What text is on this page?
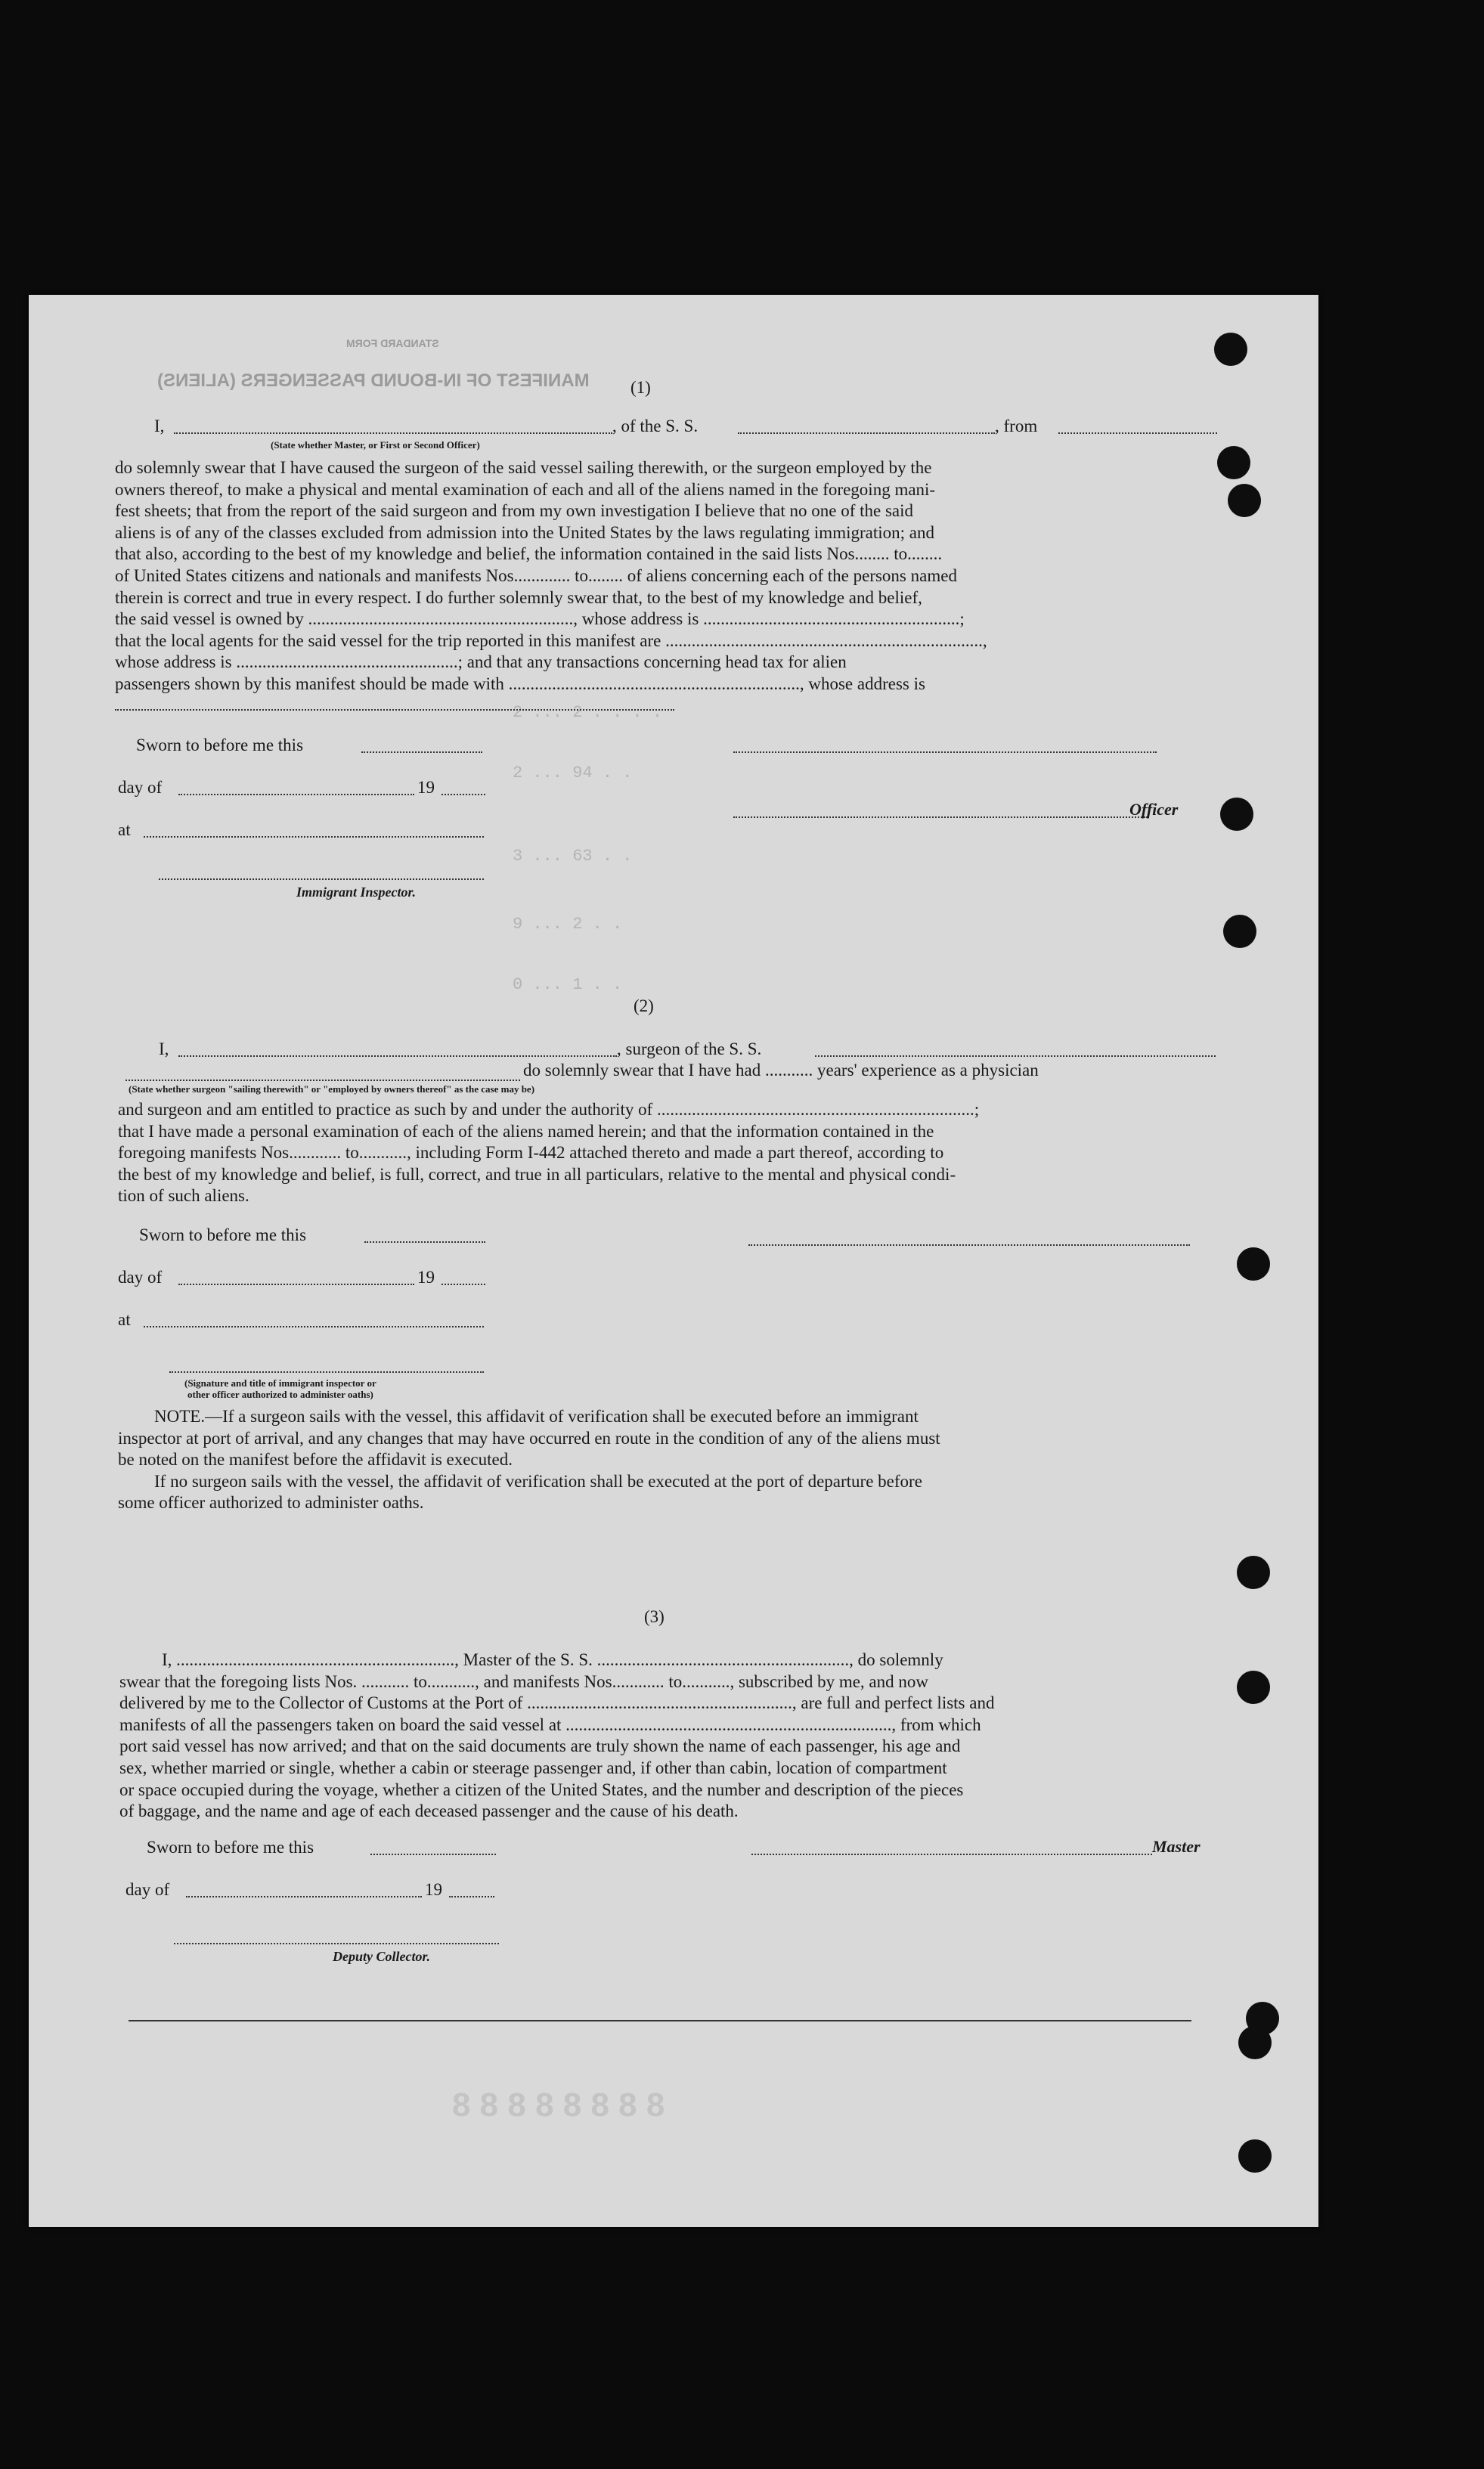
MANIFEST OF IN-BOUND PASSENGERS (ALIENS)
STANDARD FORM
2 ... 2 . . . .
2 ... 94 . .
3 ... 63 . .
9 ... 2 . .
0 ... 1 . .
(1)
I,	, of the S. S.	, from
(State whether Master, or First or Second Officer)
do solemnly swear that I have caused the surgeon of the said vessel sailing therewith, or the surgeon employed by the
owners thereof, to make a physical and mental examination of each and all of the aliens named in the foregoing mani-
fest sheets; that from the report of the said surgeon and from my own investigation I believe that no one of the said
aliens is of any of the classes excluded from admission into the United States by the laws regulating immigration; and
that also, according to the best of my knowledge and belief, the information contained in the said lists Nos........ to........
of United States citizens and nationals and manifests Nos............. to........ of aliens concerning each of the persons named
therein is correct and true in every respect. I do further solemnly swear that, to the best of my knowledge and belief,
the said vessel is owned by ............................................................., whose address is ...........................................................;
that the local agents for the said vessel for the trip reported in this manifest are .........................................................................,
whose address is ...................................................; and that any transactions concerning head tax for alien
passengers shown by this manifest should be made with ..................................................................., whose address is
Sworn to before me this
day of	19
Officer
at
Immigrant Inspector.
(2)
I,	, surgeon of the S. S.
do solemnly swear that I have had ........... years' experience as a physician
(State whether surgeon "sailing therewith" or "employed by owners thereof" as the case may be)
and surgeon and am entitled to practice as such by and under the authority of .........................................................................;
that I have made a personal examination of each of the aliens named herein; and that the information contained in the
foregoing manifests Nos............ to..........., including Form I-442 attached thereto and made a part thereof, according to
the best of my knowledge and belief, is full, correct, and true in all particulars, relative to the mental and physical condi-
tion of such aliens.
Sworn to before me this
day of	19
at
(Signature and title of immigrant inspector or
other officer authorized to administer oaths)
NOTE.—If a surgeon sails with the vessel, this affidavit of verification shall be executed before an immigrant
inspector at port of arrival, and any changes that may have occurred en route in the condition of any of the aliens must
be noted on the manifest before the affidavit is executed.
If no surgeon sails with the vessel, the affidavit of verification shall be executed at the port of departure before
some officer authorized to administer oaths.
(3)
I, ................................................................, Master of the S. S. .........................................................., do solemnly
swear that the foregoing lists Nos. ........... to..........., and manifests Nos............ to..........., subscribed by me, and now
delivered by me to the Collector of Customs at the Port of ............................................................., are full and perfect lists and
manifests of all the passengers taken on board the said vessel at ..........................................................................., from which
port said vessel has now arrived; and that on the said documents are truly shown the name of each passenger, his age and
sex, whether married or single, whether a cabin or steerage passenger and, if other than cabin, location of compartment
or space occupied during the voyage, whether a citizen of the United States, and the number and description of the pieces
of baggage, and the name and age of each deceased passenger and the cause of his death.
Sworn to before me this	Master
day of	19
Deputy Collector.
8 8 8 8 8 8 8 8
